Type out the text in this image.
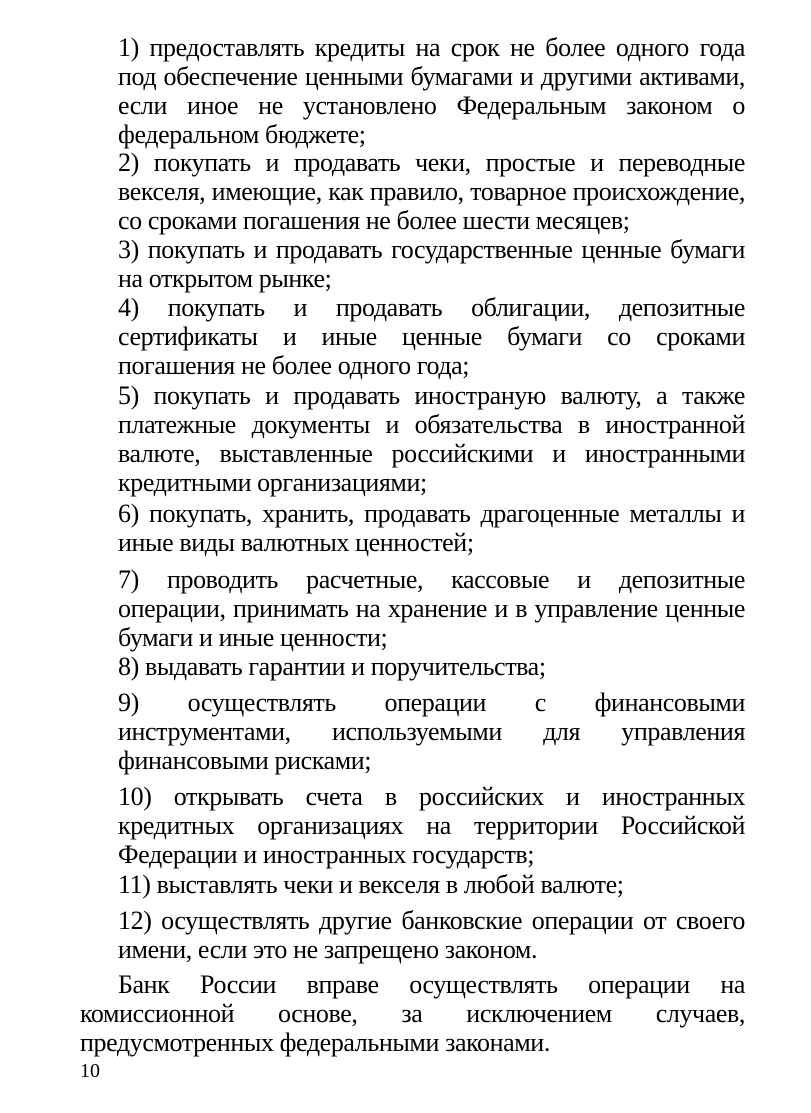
1) предоставлять кредиты на срок не более одного года под обеспечение ценными бумагами и другими активами, если иное не установлено Федеральным законом о федеральном бюджете;
2) покупать и продавать чеки, простые и переводные векселя, имеющие, как правило, товарное происхождение, со сроками погашения не более шести месяцев;
3) покупать и продавать государственные ценные бумаги на открытом рынке;
4) покупать и продавать облигации, депозитные сертификаты и иные ценные бумаги со сроками погашения не более одного года;
5) покупать и продавать иностраную валюту, а также платежные документы и обязательства в иностранной валюте, выставленные российскими и иностранными кредитными организациями;
6) покупать, хранить, продавать драгоценные металлы и иные виды валютных ценностей;
7) проводить расчетные, кассовые и депозитные операции, принимать на хранение и в управление ценные бумаги и иные ценности;
8) выдавать гарантии и поручительства;
9) осуществлять операции с финансовыми инструментами, используемыми для управления финансовыми рисками;
10) открывать счета в российских и иностранных кредитных организациях на территории Российской Федерации и иностранных государств;
11) выставлять чеки и векселя в любой валюте;
12) осуществлять другие банковские операции от своего имени, если это не запрещено законом.
Банк России вправе осуществлять операции на комиссионной основе, за исключением случаев, предусмотренных федеральными законами.
10
